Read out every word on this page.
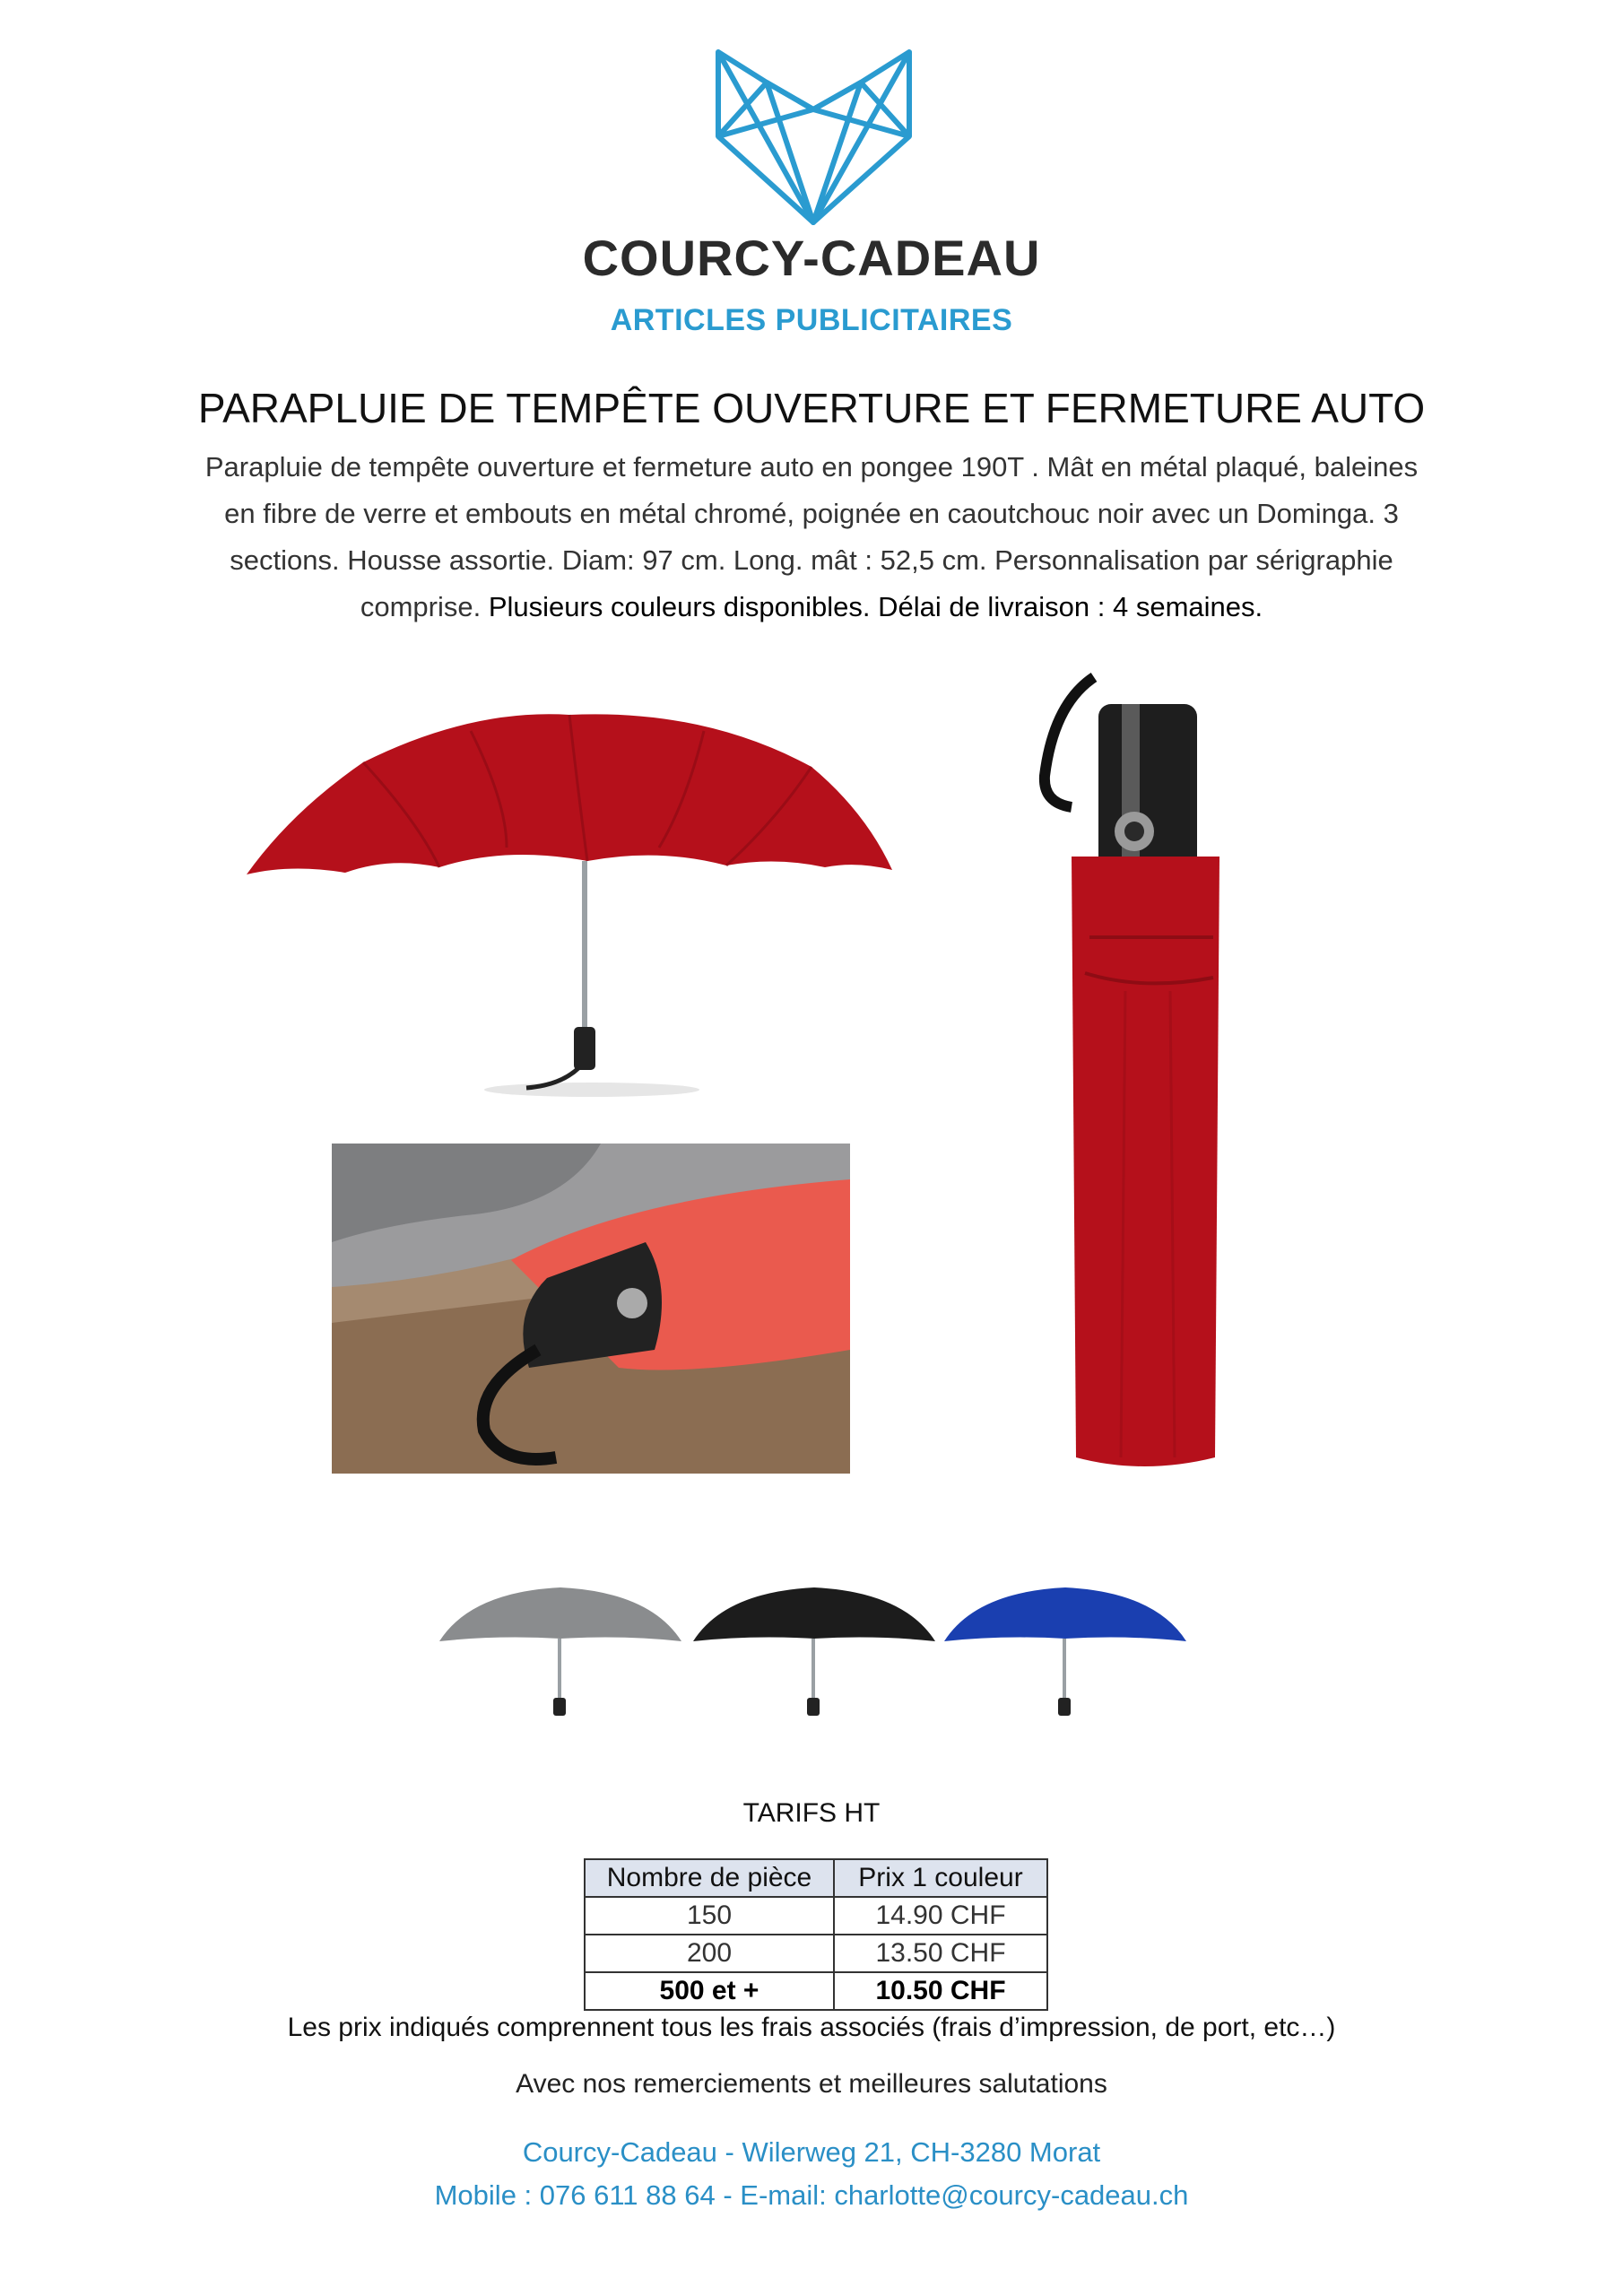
COURCY-CADEAU
ARTICLES PUBLICITAIRES
PARAPLUIE DE TEMPÊTE OUVERTURE ET FERMETURE AUTO
Parapluie de tempête ouverture et fermeture auto en pongee 190T . Mât en métal plaqué, baleines en fibre de verre et embouts en métal chromé, poignée en caoutchouc noir avec un Dominga. 3 sections. Housse assortie. Diam: 97 cm. Long. mât : 52,5 cm. Personnalisation par sérigraphie comprise. Plusieurs couleurs disponibles. Délai de livraison : 4 semaines.
TARIFS HT
Nombre de pièce	Prix 1 couleur
150	14.90 CHF
200	13.50 CHF
500 et +	10.50 CHF
Les prix indiqués comprennent tous les frais associés (frais d’impression, de port, etc…)
Avec nos remerciements et meilleures salutations
Courcy-Cadeau - Wilerweg 21, CH-3280 Morat
Mobile : 076 611 88 64 - E-mail: charlotte@courcy-cadeau.ch
